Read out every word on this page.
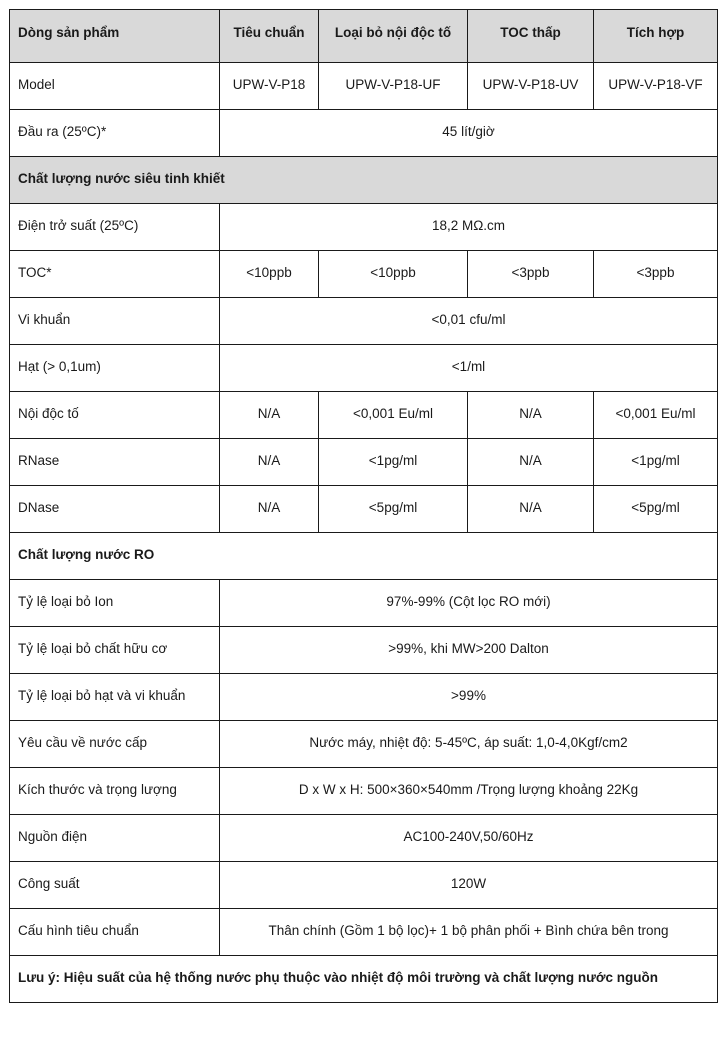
Dòng sản phẩm	Tiêu chuẩn	Loại bỏ nội độc tố	TOC thấp	Tích hợp
Model	UPW-V-P18	UPW-V-P18-UF	UPW-V-P18-UV	UPW-V-P18-VF
Đầu ra (25ºC)*	45 lít/giờ			
Chất lượng nước siêu tinh khiết				
Điện trở suất (25ºC)	18,2 MΩ.cm			
TOC*	<10ppb	<10ppb	<3ppb	<3ppb
Vi khuẩn	<0,01 cfu/ml			
Hạt (> 0,1um)	<1/ml			
Nội độc tố	N/A	<0,001 Eu/ml	N/A	<0,001 Eu/ml
RNase	N/A	<1pg/ml	N/A	<1pg/ml
DNase	N/A	<5pg/ml	N/A	<5pg/ml
Chất lượng nước RO				
Tỷ lệ loại bỏ Ion	97%-99% (Cột lọc RO mới)			
Tỷ lệ loại bỏ chất hữu cơ	>99%, khi MW>200 Dalton			
Tỷ lệ loại bỏ hạt và vi khuẩn	>99%			
Yêu cầu về nước cấp	Nước máy, nhiệt độ: 5-45ºC, áp suất: 1,0-4,0Kgf/cm2			
Kích thước và trọng lượng	D x W x H: 500×360×540mm /Trọng lượng khoảng 22Kg			
Nguồn điện	AC100-240V,50/60Hz			
Công suất	120W			
Cấu hình tiêu chuẩn	Thân chính (Gồm 1 bộ lọc)+ 1 bộ phân phối + Bình chứa bên trong			
Lưu ý: Hiệu suất của hệ thống nước phụ thuộc vào nhiệt độ môi trường và chất lượng nước nguồn				
